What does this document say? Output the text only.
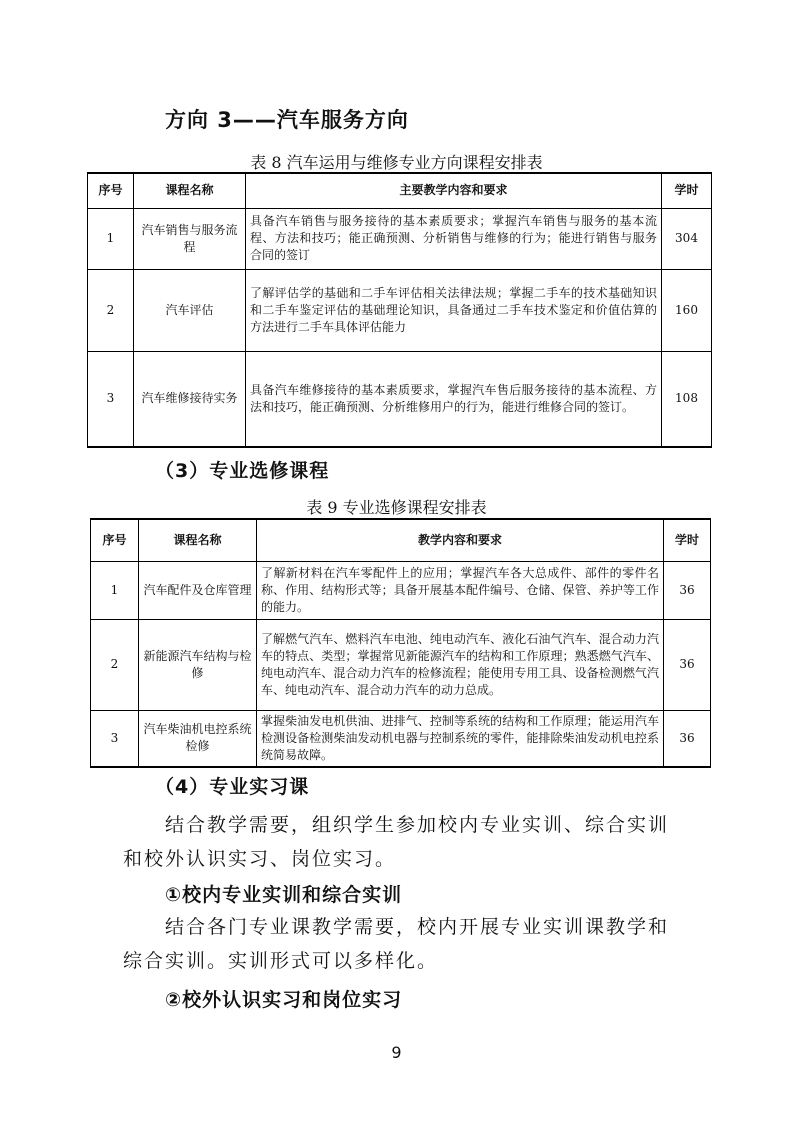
方向 3——汽车服务方向
表 8 汽车运用与维修专业方向课程安排表
序号	课程名称	主要教学内容和要求	学时
1	汽车销售与服务流程	具备汽车销售与服务接待的基本素质要求；掌握汽车销售与服务的基本流程、方法和技巧；能正确预测、分析销售与维修的行为；能进行销售与服务合同的签订	304
2	汽车评估	了解评估学的基础和二手车评估相关法律法规；掌握二手车的技术基础知识和二手车鉴定评估的基础理论知识，具备通过二手车技术鉴定和价值估算的方法进行二手车具体评估能力	160
3	汽车维修接待实务	具备汽车维修接待的基本素质要求，掌握汽车售后服务接待的基本流程、方法和技巧，能正确预测、分析维修用户的行为，能进行维修合同的签订。	108
（3）专业选修课程
表 9 专业选修课程安排表
序号	课程名称	教学内容和要求	学时
1	汽车配件及仓库管理	了解新材料在汽车零配件上的应用；掌握汽车各大总成件、部件的零件名称、作用、结构形式等；具备开展基本配件编号、仓储、保管、养护等工作的能力。	36
2	新能源汽车结构与检修	了解燃气汽车、燃料汽车电池、纯电动汽车、液化石油气汽车、混合动力汽车的特点、类型；掌握常见新能源汽车的结构和工作原理；熟悉燃气汽车、纯电动汽车、混合动力汽车的检修流程；能使用专用工具、设备检测燃气汽车、纯电动汽车、混合动力汽车的动力总成。	36
3	汽车柴油机电控系统检修	掌握柴油发电机供油、进排气、控制等系统的结构和工作原理；能运用汽车检测设备检测柴油发动机电器与控制系统的零件，能排除柴油发动机电控系统简易故障。	36
（4）专业实习课
结合教学需要，组织学生参加校内专业实训、综合实训和校外认识实习、岗位实习。
①校内专业实训和综合实训
结合各门专业课教学需要，校内开展专业实训课教学和综合实训。实训形式可以多样化。
②校外认识实习和岗位实习
9
